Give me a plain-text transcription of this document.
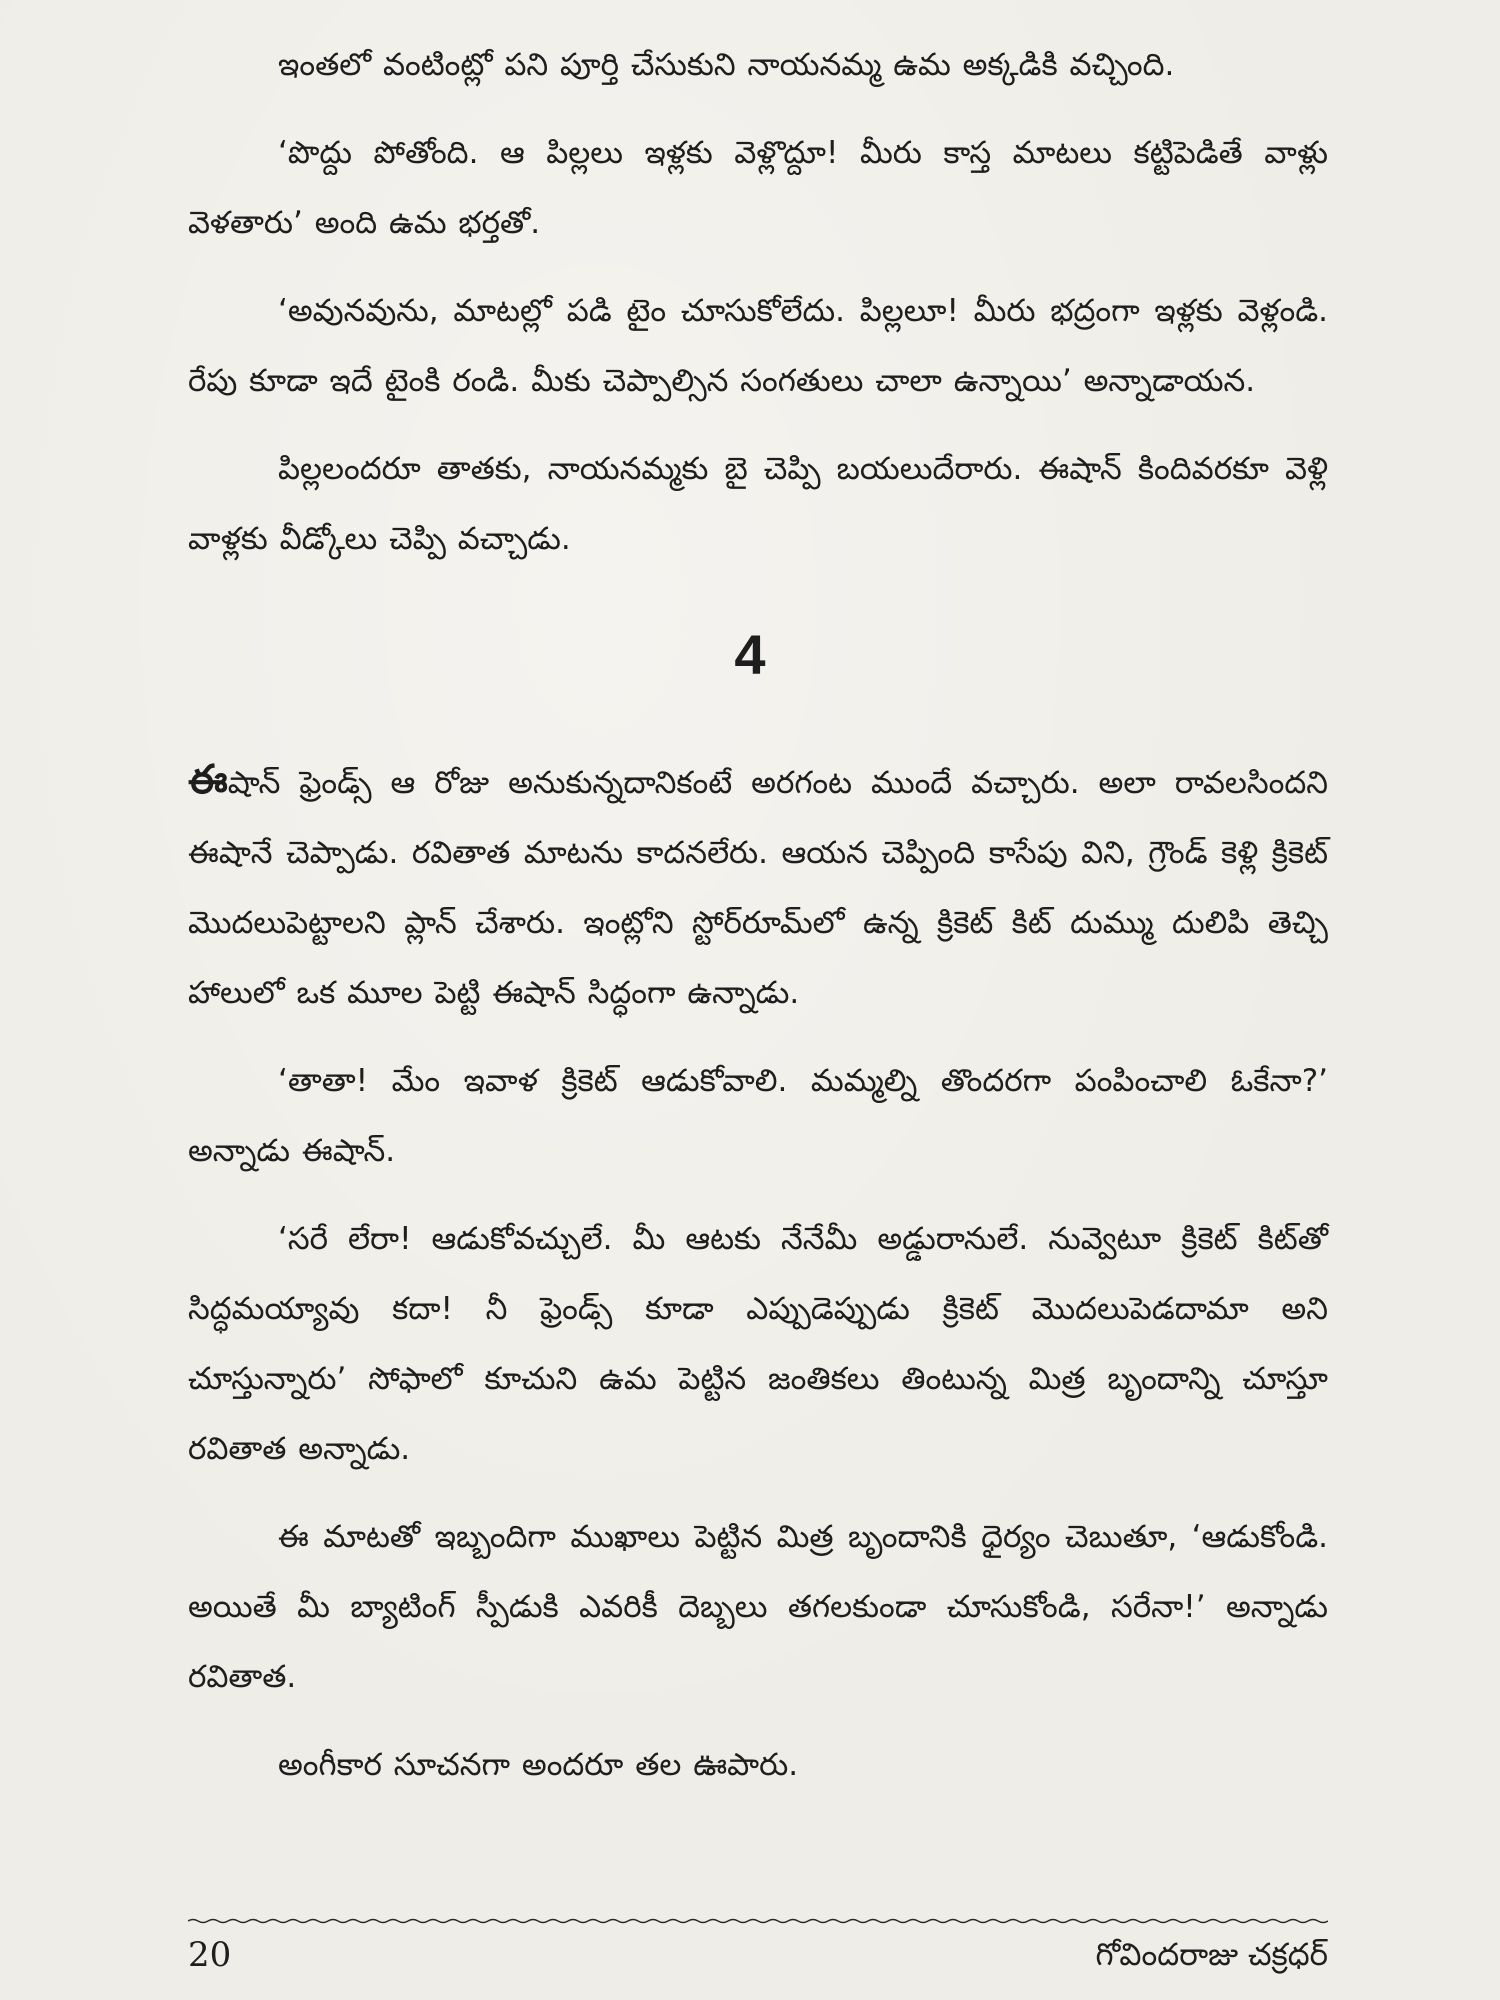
ఇంతలో వంటింట్లో పని పూర్తి చేసుకుని నాయనమ్మ ఉమ అక్కడికి వచ్చింది.

‘పొద్దు పోతోంది. ఆ పిల్లలు ఇళ్లకు వెళ్లొద్దూ! మీరు కాస్త మాటలు కట్టిపెడితే వాళ్లు వెళతారు’ అంది ఉమ భర్తతో.

‘అవునవును, మాటల్లో పడి టైం చూసుకోలేదు. పిల్లలూ! మీరు భద్రంగా ఇళ్లకు వెళ్లండి. రేపు కూడా ఇదే టైంకి రండి. మీకు చెప్పాల్సిన సంగతులు చాలా ఉన్నాయి’ అన్నాడాయన.

పిల్లలందరూ తాతకు, నాయనమ్మకు బై చెప్పి బయలుదేరారు. ఈషాన్ కిందివరకూ వెళ్లి వాళ్లకు వీడ్కోలు చెప్పి వచ్చాడు.

4

ఈషాన్ ఫ్రెండ్స్ ఆ రోజు అనుకున్నదానికంటే అరగంట ముందే వచ్చారు. అలా రావలసిందని ఈషానే చెప్పాడు. రవితాత మాటను కాదనలేరు. ఆయన చెప్పింది కాసేపు విని, గ్రౌండ్ కెళ్లి క్రికెట్ మొదలుపెట్టాలని ప్లాన్ చేశారు. ఇంట్లోని స్టోర్‌రూమ్‌లో ఉన్న క్రికెట్ కిట్ దుమ్ము దులిపి తెచ్చి హాలులో ఒక మూల పెట్టి ఈషాన్ సిద్ధంగా ఉన్నాడు.

‘తాతా! మేం ఇవాళ క్రికెట్ ఆడుకోవాలి. మమ్మల్ని తొందరగా పంపించాలి ఓకేనా?’ అన్నాడు ఈషాన్.

‘సరే లేరా! ఆడుకోవచ్చులే. మీ ఆటకు నేనేమీ అడ్డురానులే. నువ్వెటూ క్రికెట్ కిట్‌తో సిద్ధమయ్యావు కదా! నీ ఫ్రెండ్స్ కూడా ఎప్పుడెప్పుడు క్రికెట్ మొదలుపెడదామా అని చూస్తున్నారు’ సోఫాలో కూచుని ఉమ పెట్టిన జంతికలు తింటున్న మిత్ర బృందాన్ని చూస్తూ రవితాత అన్నాడు.

ఈ మాటతో ఇబ్బందిగా ముఖాలు పెట్టిన మిత్ర బృందానికి ధైర్యం చెబుతూ, ‘ఆడుకోండి. అయితే మీ బ్యాటింగ్ స్పీడుకి ఎవరికీ దెబ్బలు తగలకుండా చూసుకోండి, సరేనా!’ అన్నాడు రవితాత.

అంగీకార సూచనగా అందరూ తల ఊపారు.

20	గోవిందరాజు చక్రధర్
